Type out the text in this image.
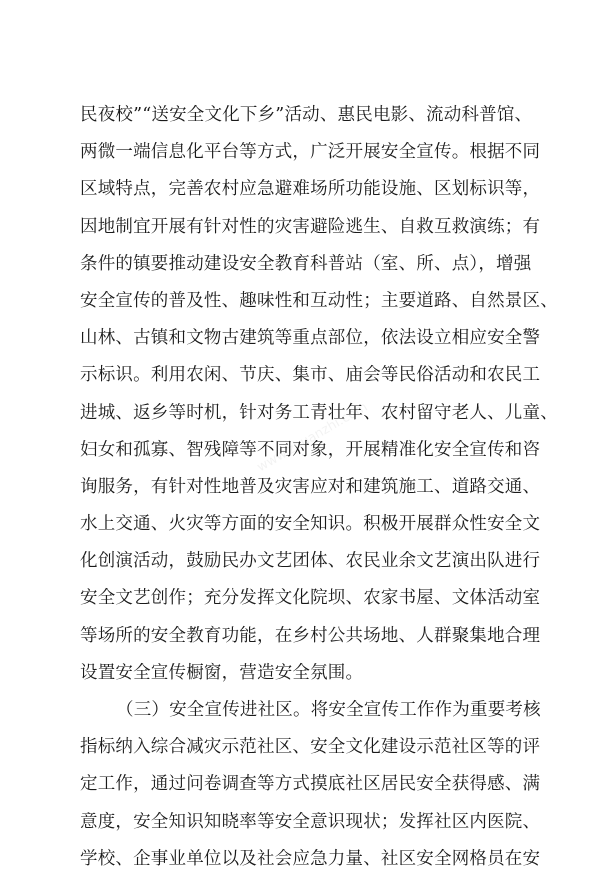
民夜校”“送安全文化下乡”活动、惠民电影、流动科普馆、
两微一端信息化平台等方式，广泛开展安全宣传。根据不同
区域特点，完善农村应急避难场所功能设施、区划标识等，
因地制宜开展有针对性的灾害避险逃生、自救互救演练；有
条件的镇要推动建设安全教育科普站（室、所、点），增强
安全宣传的普及性、趣味性和互动性；主要道路、自然景区、
山林、古镇和文物古建筑等重点部位，依法设立相应安全警
示标识。利用农闲、节庆、集市、庙会等民俗活动和农民工
进城、返乡等时机，针对务工青壮年、农村留守老人、儿童、
妇女和孤寡、智残障等不同对象，开展精准化安全宣传和咨
询服务，有针对性地普及灾害应对和建筑施工、道路交通、
水上交通、火灾等方面的安全知识。积极开展群众性安全文
化创演活动，鼓励民办文艺团体、农民业余文艺演出队进行
安全文艺创作；充分发挥文化院坝、农家书屋、文体活动室
等场所的安全教育功能，在乡村公共场地、人群聚集地合理
设置安全宣传橱窗，营造安全氛围。
（三）安全宣传进社区。将安全宣传工作作为重要考核
指标纳入综合减灾示范社区、安全文化建设示范社区等的评
定工作，通过问卷调查等方式摸底社区居民安全获得感、满
意度，安全知识知晓率等安全意识现状；发挥社区内医院、
学校、企事业单位以及社会应急力量、社区安全网格员在安
www.zhuanzhi.com
